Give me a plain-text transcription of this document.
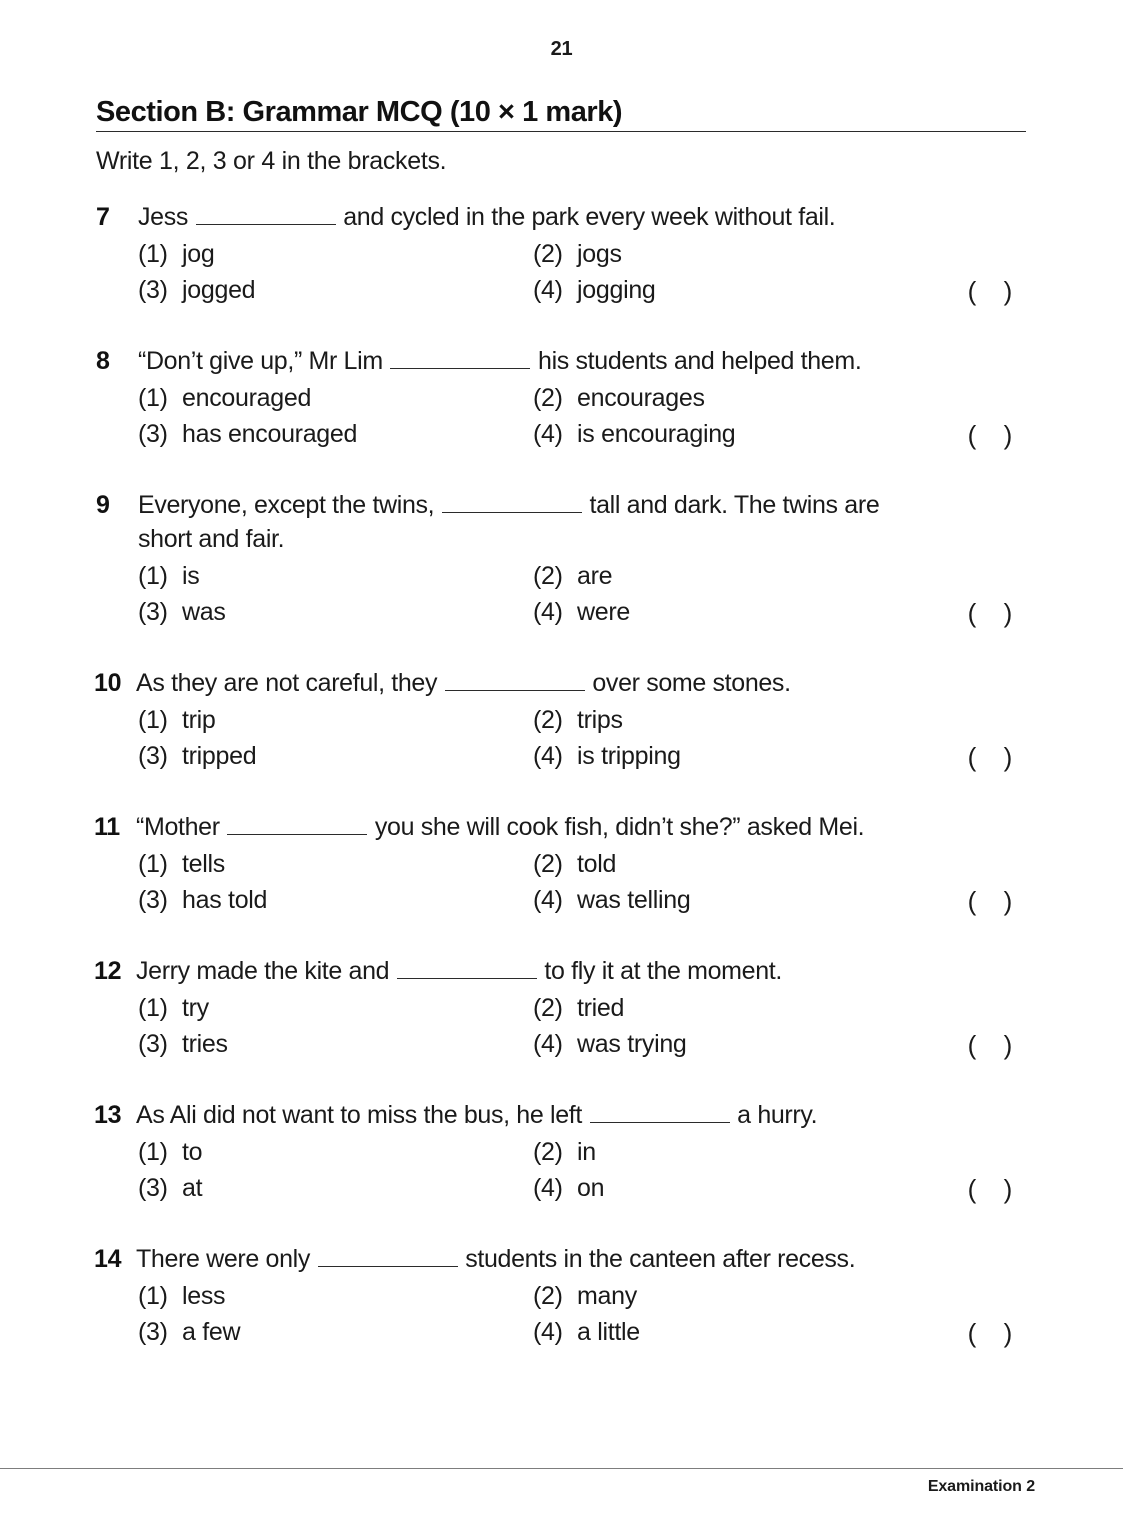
21
Section B: Grammar MCQ (10 × 1 mark)
Write 1, 2, 3 or 4 in the brackets.
7	Jess	and cycled in the park every week without fail.
(1) jog	(2) jogs
(3) jogged	(4) jogging	(    )
8	“Don’t give up,” Mr Lim	his students and helped them.
(1) encouraged	(2) encourages
(3) has encouraged	(4) is encouraging	(    )
9	Everyone, except the twins,	tall and dark. The twins are
short and fair.
(1) is	(2) are
(3) was	(4) were	(    )
10 As they are not careful, they	over some stones.
(1) trip	(2) trips
(3) tripped	(4) is tripping	(    )
11 “Mother	you she will cook fish, didn’t she?” asked Mei.
(1) tells	(2) told
(3) has told	(4) was telling	(    )
12 Jerry made the kite and	to fly it at the moment.
(1) try	(2) tried
(3) tries	(4) was trying	(    )
13 As Ali did not want to miss the bus, he left	a hurry.
(1) to	(2) in
(3) at	(4) on	(    )
14 There were only	students in the canteen after recess.
(1) less	(2) many
(3) a few	(4) a little	(    )
Examination 2
